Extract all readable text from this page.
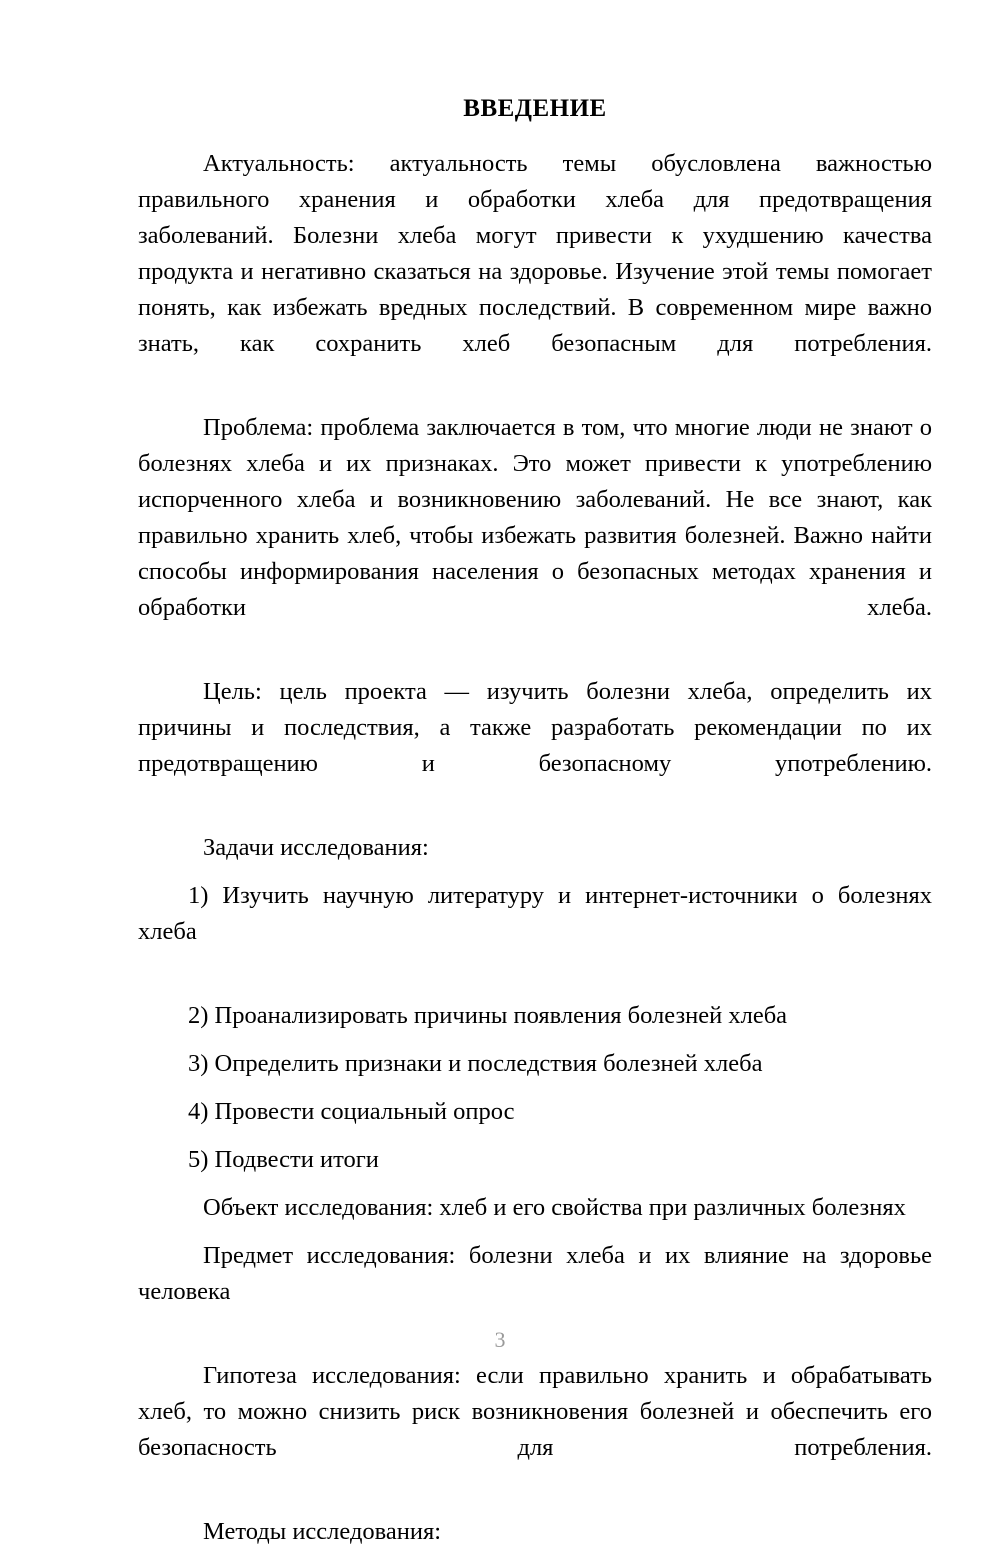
ВВЕДЕНИЕ

Актуальность: актуальность темы обусловлена важностью правильного хранения и обработки хлеба для предотвращения заболеваний. Болезни хлеба могут привести к ухудшению качества продукта и негативно сказаться на здоровье. Изучение этой темы помогает понять, как избежать вредных последствий. В современном мире важно знать, как сохранить хлеб безопасным для потребления.

Проблема: проблема заключается в том, что многие люди не знают о болезнях хлеба и их признаках. Это может привести к употреблению испорченного хлеба и возникновению заболеваний. Не все знают, как правильно хранить хлеб, чтобы избежать развития болезней. Важно найти способы информирования населения о безопасных методах хранения и обработки хлеба.

Цель: цель проекта — изучить болезни хлеба, определить их причины и последствия, а также разработать рекомендации по их предотвращению и безопасному употреблению.

Задачи исследования:

1) Изучить научную литературу и интернет-источники о болезнях хлеба

2) Проанализировать причины появления болезней хлеба

3) Определить признаки и последствия болезней хлеба

4) Провести социальный опрос

5) Подвести итоги

Объект исследования: хлеб и его свойства при различных болезнях

Предмет исследования: болезни хлеба и их влияние на здоровье человека

Гипотеза исследования: если правильно хранить и обрабатывать хлеб, то можно снизить риск возникновения болезней и обеспечить его безопасность для потребления.

Методы исследования:

3
